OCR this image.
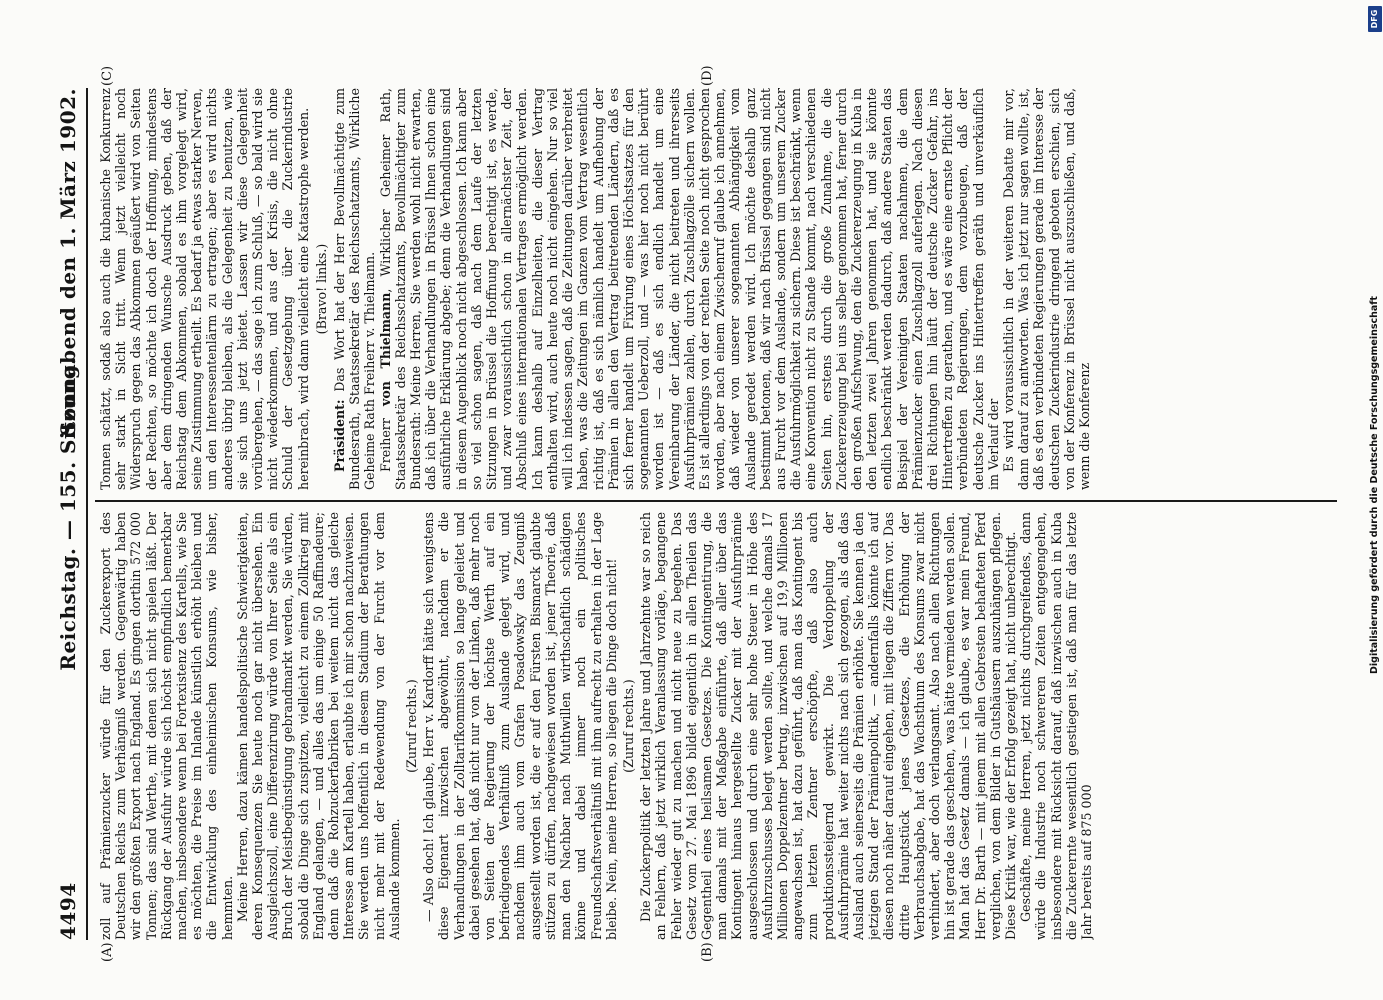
4494
Reichstag. — 155. Sitzung.
Sonnabend den 1. März 1902.
(A)	(B)
(C)	(D)

zoll auf Prämienzucker würde für den Zuckerexport des Deutschen Reichs zum Verhängniß werden. Gegenwärtig haben wir den größten Export nach England. Es gingen dorthin 572 000 Tonnen; das sind Werthe, mit denen sich nicht spielen läßt. Der Rückgang der Ausfuhr würde sich höchst empfindlich bemerkbar machen, insbesondere wenn bei Fortexistenz des Kartells, wie Sie es möchten, die Preise im Inlande künstlich erhöht bleiben und die Entwicklung des einheimischen Konsums, wie bisher, hemmten. Meine Herren, dazu kämen handelspolitische Schwierigkeiten, deren Konsequenzen Sie heute noch gar nicht übersehen. Ein Ausgleichszoll, eine Differenzirung würde von Ihrer Seite als ein Bruch der Meistbegünstigung gebrandmarkt werden, Sie würden, sobald die Dinge sich zuspitzen, vielleicht zu einem Zollkrieg mit England gelangen, — und alles das um einige 50 Raffinadeure; denn daß die Rohzuckerfabriken bei weitem nicht das gleiche Interesse am Kartell haben, erlaubte ich mir schon nachzuweisen. Sie werden uns hoffentlich in diesem Stadium der Berathungen nicht mehr mit der Redewendung von der Furcht vor dem Auslande kommen.

(Zuruf rechts.) — Also doch! Ich glaube, Herr v. Kardorff hätte sich wenigstens diese Eigenart inzwischen abgewöhnt, nachdem er die Verhandlungen in der Zolltarifkommission so lange geleitet und dabei gesehen hat, daß nicht nur von der Linken, daß mehr noch von Seiten der Regierung der höchste Werth auf ein befriedigendes Verhältniß zum Auslande gelegt wird, und nachdem ihm auch vom Grafen Posadowsky das Zeugniß ausgestellt worden ist, die er auf den Fürsten Bismarck glaubte stützen zu dürfen, nachgewiesen worden ist, jener Theorie, daß man den Nachbar nach Muthwillen wirthschaftlich schädigen könne und dabei immer noch ein politisches Freundschaftsverhältniß mit ihm aufrecht zu erhalten in der Lage bleibe. Nein, meine Herren, so liegen die Dinge doch nicht! (Zuruf rechts.) Die Zuckerpolitik der letzten Jahre und Jahrzehnte war so reich an Fehlern, daß jetzt wirklich Veranlassung vorläge, begangene Fehler wieder gut zu machen und nicht neue zu begehen. Das Gesetz vom 27. Mai 1896 bildet eigentlich in allen Theilen das Gegentheil eines heilsamen Gesetzes. Die Kontingentirung, die man damals mit der Maßgabe einführte, daß aller über das Kontingent hinaus hergestellte Zucker mit der Ausfuhrprämie ausgeschlossen und durch eine sehr hohe Steuer in Höhe des Ausfuhrzuschusses belegt werden sollte, und welche damals 17 Millionen Doppelzentner betrug, inzwischen auf 19,9 Millionen angewachsen ist, hat dazu geführt, daß man das Kontingent bis zum letzten Zentner erschöpfte, daß also auch produktionssteigernd gewirkt. Die Verdoppelung der Ausfuhrprämie hat weiter nichts nach sich gezogen, als daß das Ausland auch seinerseits die Prämien erhöhte. Sie kennen ja den jetzigen Stand der Prämienpolitik, — andernfalls könnte ich auf diesen noch näher darauf eingehen, mit liegen die Ziffern vor. Das dritte Hauptstück jenes Gesetzes, die Erhöhung der Verbrauchsabgabe, hat das Wachsthum des Konsums zwar nicht verhindert, aber doch verlangsamt. Also nach allen Richtungen hin ist gerade das geschehen, was hätte vermieden werden sollen. Man hat das Gesetz damals — ich glaube, es war mein Freund, Herr Dr. Barth — mit jenem mit allen Gebresten behafteten Pferd verglichen, von dem Bilder in Gutshäusern auszuhängen pflegen. Diese Kritik war, wie der Erfolg gezeigt hat, nicht unberechtigt. Geschäfte, meine Herren, jetzt nichts durchgreifendes, dann würde die Industrie noch schwereren Zeiten entgegengehen, insbesondere mit Rücksicht darauf, daß inzwischen auch in Kuba die Zuckerernte wesentlich gestiegen ist, daß man für das letzte Jahr bereits auf 875 000

Tonnen schätzt, sodaß also auch die kubanische Konkurrenz sehr stark in Sicht tritt. Wenn jetzt vielleicht noch Widerspruch gegen das Abkommen geäußert wird von Seiten der Rechten, so möchte ich doch der Hoffnung, mindestens aber dem dringenden Wunsche Ausdruck geben, daß der Reichstag dem Abkommen, sobald es ihm vorgelegt wird, seine Zustimmung ertheilt. Es bedarf ja etwas starker Nerven, um den Interessentenlärm zu ertragen; aber es wird nichts anderes übrig bleiben, als die Gelegenheit zu benutzen, wie sie sich uns jetzt bietet. Lassen wir diese Gelegenheit vorübergehen, — das sage ich zum Schluß, — so bald wird sie nicht wiederkommen, und aus der Krisis, die nicht ohne Schuld der Gesetzgebung über die Zuckerindustrie hereinbrach, wird dann vielleicht eine Katastrophe werden. (Bravo! links.)

Präsident: Das Wort hat der Herr Bevollmächtigte zum Bundesrath, Staatssekretär des Reichsschatzamts, Wirkliche Geheime Rath Freiherr v. Thielmann. Freiherr von Thielmann, Wirklicher Geheimer Rath, Staatssekretär des Reichsschatzamts, Bevollmächtigter zum Bundesrath: Meine Herren, Sie werden wohl nicht erwarten, daß ich über die Verhandlungen in Brüssel Ihnen schon eine ausführliche Erklärung abgebe; denn die Verhandlungen sind in diesem Augenblick noch nicht abgeschlossen. Ich kann aber so viel schon sagen, daß nach dem Laufe der letzten Sitzungen in Brüssel die Hoffnung berechtigt ist, es werde, und zwar voraussichtlich schon in allernächster Zeit, der Abschluß eines internationalen Vertrages ermöglicht werden. Ich kann deshalb auf Einzelheiten, die dieser Vertrag enthalten wird, auch heute noch nicht eingehen. Nur so viel will ich indessen sagen, daß die Zeitungen darüber verbreitet haben, was die Zeitungen im Ganzen vom Vertrag wesentlich richtig ist, daß es sich nämlich handelt um Aufhebung der Prämien in allen den Vertrag beitretenden Ländern, daß es sich ferner handelt um Fixirung eines Höchstsatzes für den sogenannten Ueberzoll, und — was hier noch nicht berührt worden ist — daß es sich endlich handelt um eine Vereinbarung der Länder, die nicht beitreten und ihrerseits Ausfuhrprämien zahlen, durch Zuschlagzölle sichern wollen. Es ist allerdings von der rechten Seite noch nicht gesprochen worden, aber nach einem Zwischenruf glaube ich annehmen, daß wieder von unserer sogenannten Abhängigkeit vom Auslande geredet werden wird. Ich möchte deshalb ganz bestimmt betonen, daß wir nach Brüssel gegangen sind nicht aus Furcht vor dem Auslande, sondern um unserem Zucker die Ausfuhrmöglichkeit zu sichern. Diese ist beschränkt, wenn eine Konvention nicht zu Stande kommt, nach verschiedenen Seiten hin, erstens durch die große Zunahme, die die Zuckererzeugung bei uns selber genommen hat, ferner durch den großen Aufschwung, den die Zuckererzeugung in Kuba in den letzten zwei Jahren genommen hat, und sie könnte endlich beschränkt werden dadurch, daß andere Staaten das Beispiel der Vereinigten Staaten nachahmen, die dem Prämienzucker einen Zuschlagzoll auferlegen. Nach diesen drei Richtungen hin läuft der deutsche Zucker Gefahr, ins Hintertreffen zu gerathen, und es wäre eine ernste Pflicht der verbündeten Regierungen, dem vorzubeugen, daß der deutsche Zucker ins Hintertreffen geräth und unverkäuflich im Verlauf der Es wird voraussichtlich in der weiteren Debatte mir vor, dann darauf zu antworten. Was ich jetzt nur sagen wollte, ist, daß es den verbündeten Regierungen gerade im Interesse der deutschen Zuckerindustrie dringend geboten erschien, sich von der Konferenz in Brüssel nicht auszuschließen, und daß, wenn die Konferenz	Digitalisierung gefördert durch die Deutsche Forschungsgemeinschaft
DFG
